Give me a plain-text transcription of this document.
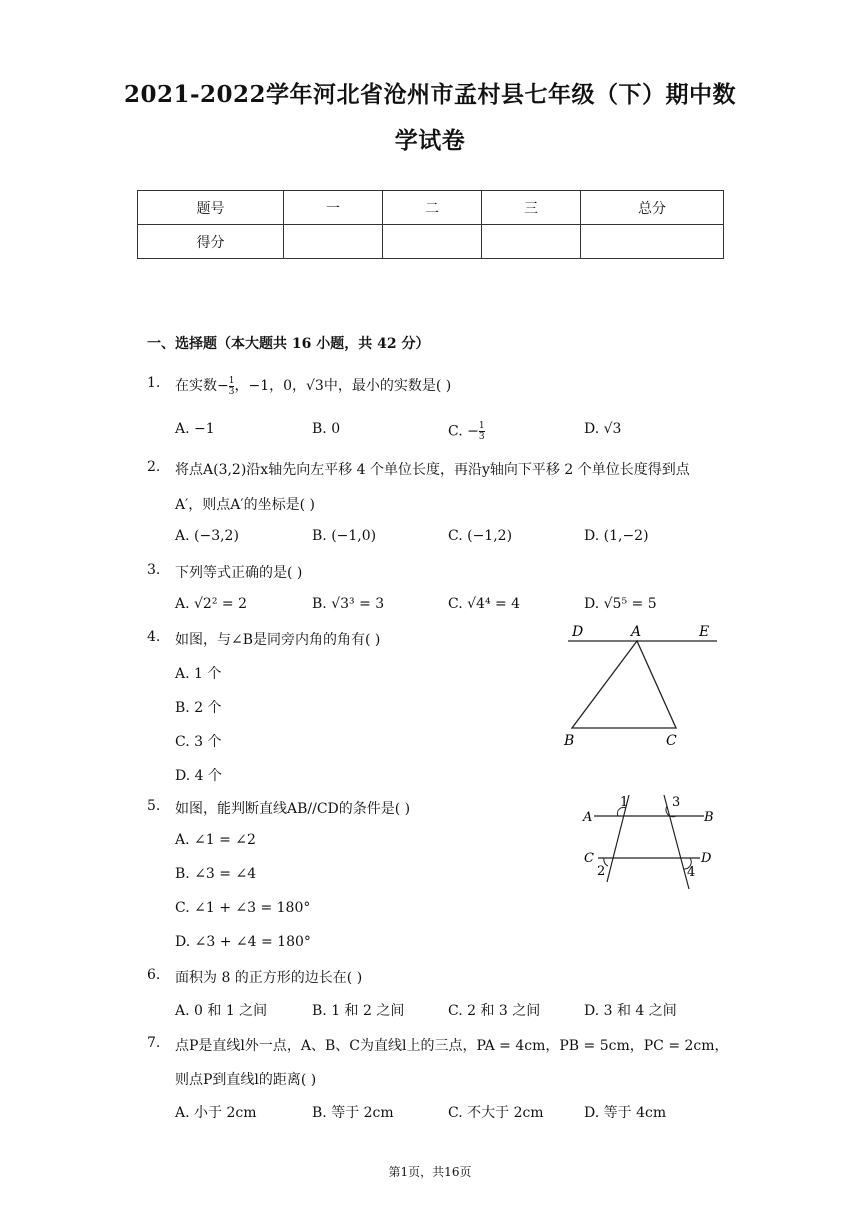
2021-2022学年河北省沧州市孟村县七年级（下）期中数
学试卷
题号	一	二	三	总分
得分				
一、选择题（本大题共 16 小题，共 42 分）
1. 在实数− $\frac{1}{3}$ ，−1，0，√3中，最小的实数是( )
A. −1	B. 0	C. − $\frac{1}{3}$	D. √3
2. 将点A(3,2)沿x轴先向左平移 4 个单位长度，再沿y轴向下平移 2 个单位长度得到点
A′，则点A′的坐标是( )
A. (−3,2)	B. (−1,0)	C. (−1,2)	D. (1,−2)
3. 下列等式正确的是( )
A. √2² = 2	B. √3³ = 3	C. √4⁴ = 4	D. √5⁵ = 5
4. 如图，与∠B是同旁内角的角有( )
A. 1 个
B. 2 个
C. 3 个
D. 4 个
D	A	E
B	C
5. 如图，能判断直线AB//CD的条件是( )
A. ∠1 = ∠2
B. ∠3 = ∠4
C. ∠1 + ∠3 = 180°
D. ∠3 + ∠4 = 180°
1	3
A	B
C	D
2	4
6. 面积为 8 的正方形的边长在( )
A. 0 和 1 之间	B. 1 和 2 之间	C. 2 和 3 之间	D. 3 和 4 之间
7. 点P是直线l外一点，A、B、C为直线l上的三点，PA = 4cm，PB = 5cm，PC = 2cm，
则点P到直线l的距离( )
A. 小于 2cm	B. 等于 2cm	C. 不大于 2cm	D. 等于 4cm
第1页，共16页
